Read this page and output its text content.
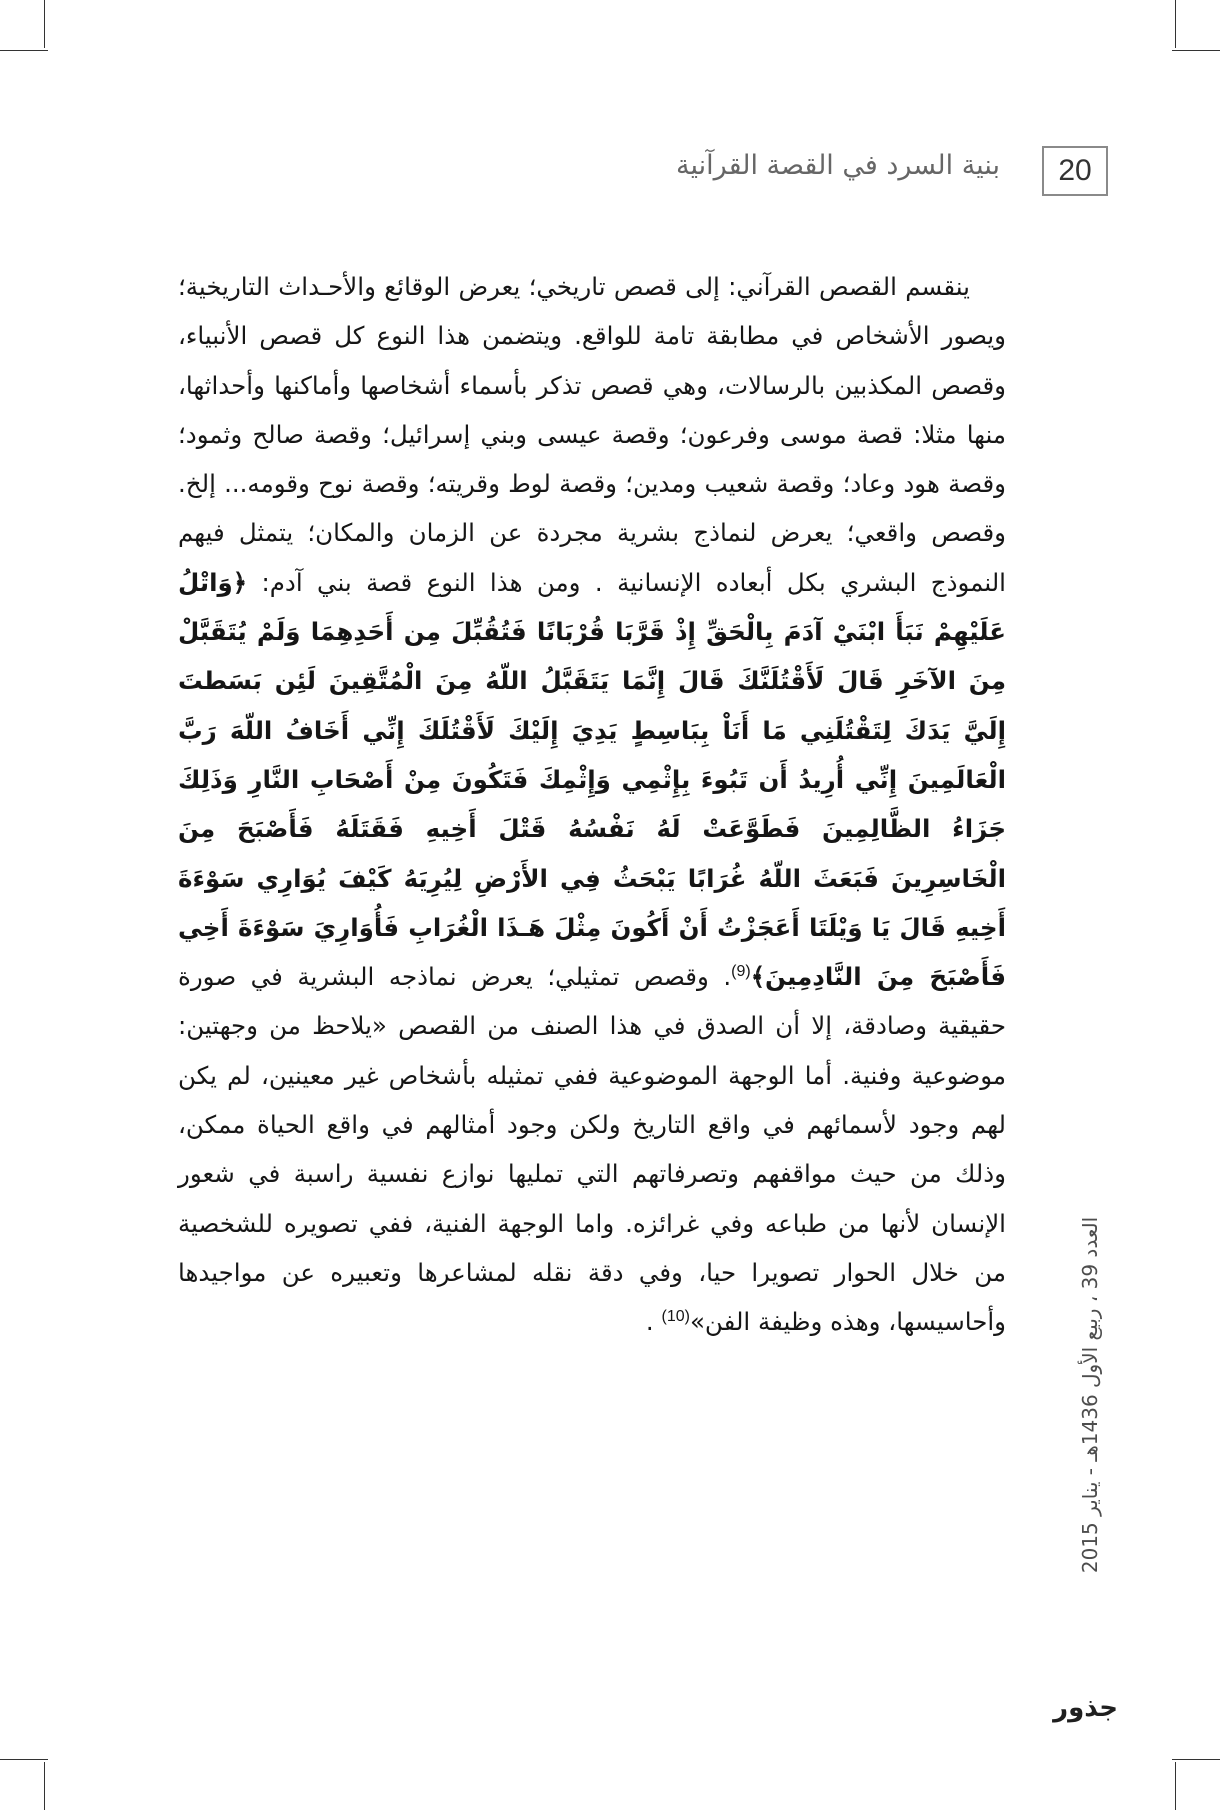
بنية السرد في القصة القرآنية	20

ينقسم القصص القرآني: إلى قصص تاريخي؛ يعرض الوقائع والأحـداث التاريخية؛ ويصور الأشخاص في مطابقة تامة للواقع. ويتضمن هذا النوع كل قصص الأنبياء، وقصص المكذبين بالرسالات، وهي قصص تذكر بأسماء أشخاصها وأماكنها وأحداثها، منها مثلا: قصة موسى وفرعون؛ وقصة عيسى وبني إسرائيل؛ وقصة صالح وثمود؛ وقصة هود وعاد؛ وقصة شعيب ومدين؛ وقصة لوط وقريته؛ وقصة نوح وقومه... إلخ. وقصص واقعي؛ يعرض لنماذج بشرية مجردة عن الزمان والمكان؛ يتمثل فيهم النموذج البشري بكل أبعاده الإنسانية . ومن هذا النوع قصة بني آدم: ﴿وَاتْلُ عَلَيْهِمْ نَبَأَ ابْنَيْ آدَمَ بِالْحَقِّ إِذْ قَرَّبَا قُرْبَانًا فَتُقُبِّلَ مِن أَحَدِهِمَا وَلَمْ يُتَقَبَّلْ مِنَ الآخَرِ قَالَ لَأَقْتُلَنَّكَ قَالَ إِنَّمَا يَتَقَبَّلُ اللّهُ مِنَ الْمُتَّقِينَ لَئِن بَسَطتَ إِلَيَّ يَدَكَ لِتَقْتُلَنِي مَا أَنَاْ بِبَاسِطٍ يَدِيَ إِلَيْكَ لَأَقْتُلَكَ إِنِّي أَخَافُ اللّهَ رَبَّ الْعَالَمِينَ إِنِّي أُرِيدُ أَن تَبُوءَ بِإِثْمِي وَإِثْمِكَ فَتَكُونَ مِنْ أَصْحَابِ النَّارِ وَذَلِكَ جَزَاءُ الظَّالِمِينَ فَطَوَّعَتْ لَهُ نَفْسُهُ قَتْلَ أَخِيهِ فَقَتَلَهُ فَأَصْبَحَ مِنَ الْخَاسِرِينَ فَبَعَثَ اللّهُ غُرَابًا يَبْحَثُ فِي الأَرْضِ لِيُرِيَهُ كَيْفَ يُوَارِي سَوْءَةَ أَخِيهِ قَالَ يَا وَيْلَتَا أَعَجَزْتُ أَنْ أَكُونَ مِثْلَ هَـذَا الْغُرَابِ فَأُوَارِيَ سَوْءَةَ أَخِي فَأَصْبَحَ مِنَ النَّادِمِينَ﴾$^{(9)}$. وقصص تمثيلي؛ يعرض نماذجه البشرية في صورة حقيقية وصادقة، إلا أن الصدق في هذا الصنف من القصص «يلاحظ من وجهتين: موضوعية وفنية. أما الوجهة الموضوعية ففي تمثيله بأشخاص غير معينين، لم يكن لهم وجود لأسمائهم في واقع التاريخ ولكن وجود أمثالهم في واقع الحياة ممكن، وذلك من حيث مواقفهم وتصرفاتهم التي تمليها نوازع نفسية راسبة في شعور الإنسان لأنها من طباعه وفي غرائزه. واما الوجهة الفنية، ففي تصويره للشخصية من خلال الحوار تصويرا حيا، وفي دقة نقله لمشاعرها وتعبيره عن مواجيدها وأحاسيسها، وهذه وظيفة الفن»$^{(10)}$ .

العدد 39 ، ربيع الأول 1436هـ - يناير 2015
جذور
